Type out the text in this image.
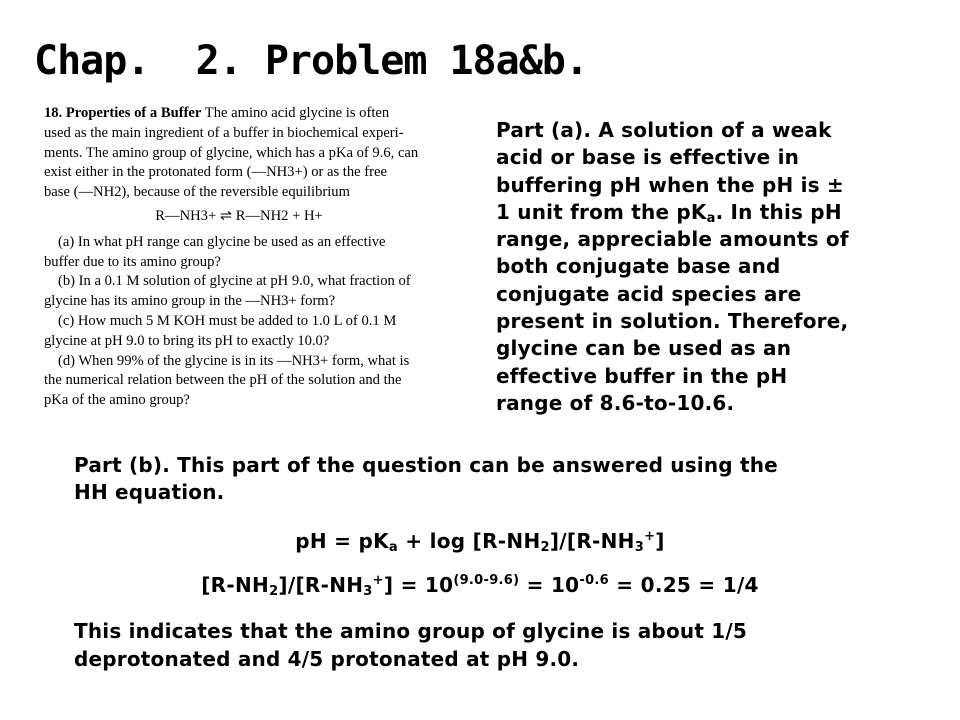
Chap.  2. Problem 18a&b.
18. Properties of a Buffer The amino acid glycine is often
used as the main ingredient of a buffer in biochemical experi-
ments. The amino group of glycine, which has a pKa of 9.6, can
exist either in the protonated form (—NH3+) or as the free
base (—NH2), because of the reversible equilibrium
R—NH3+ ⇌ R—NH2 + H+
(a) In what pH range can glycine be used as an effective
buffer due to its amino group?
(b) In a 0.1 M solution of glycine at pH 9.0, what fraction of
glycine has its amino group in the —NH3+ form?
(c) How much 5 M KOH must be added to 1.0 L of 0.1 M
glycine at pH 9.0 to bring its pH to exactly 10.0?
(d) When 99% of the glycine is in its —NH3+ form, what is
the numerical relation between the pH of the solution and the
pKa of the amino group?
Part (a). A solution of a weak
acid or base is effective in
buffering pH when the pH is ±
1 unit from the $pK_a$. In this pH
range, appreciable amounts of
both conjugate base and
conjugate acid species are
present in solution. Therefore,
glycine can be used as an
effective buffer in the pH
range of 8.6-to-10.6.
Part (b). This part of the question can be answered using the
HH equation.
pH = $pK_a + \log [R-NH_2]/[R-NH_3^+]$
$[R-NH_2]/[R-NH_3^+] = 10^{(9.0-9.6)} = 10^{-0.6} = 0.25 = 1/4$
This indicates that the amino group of glycine is about 1/5
deprotonated and 4/5 protonated at pH 9.0.
